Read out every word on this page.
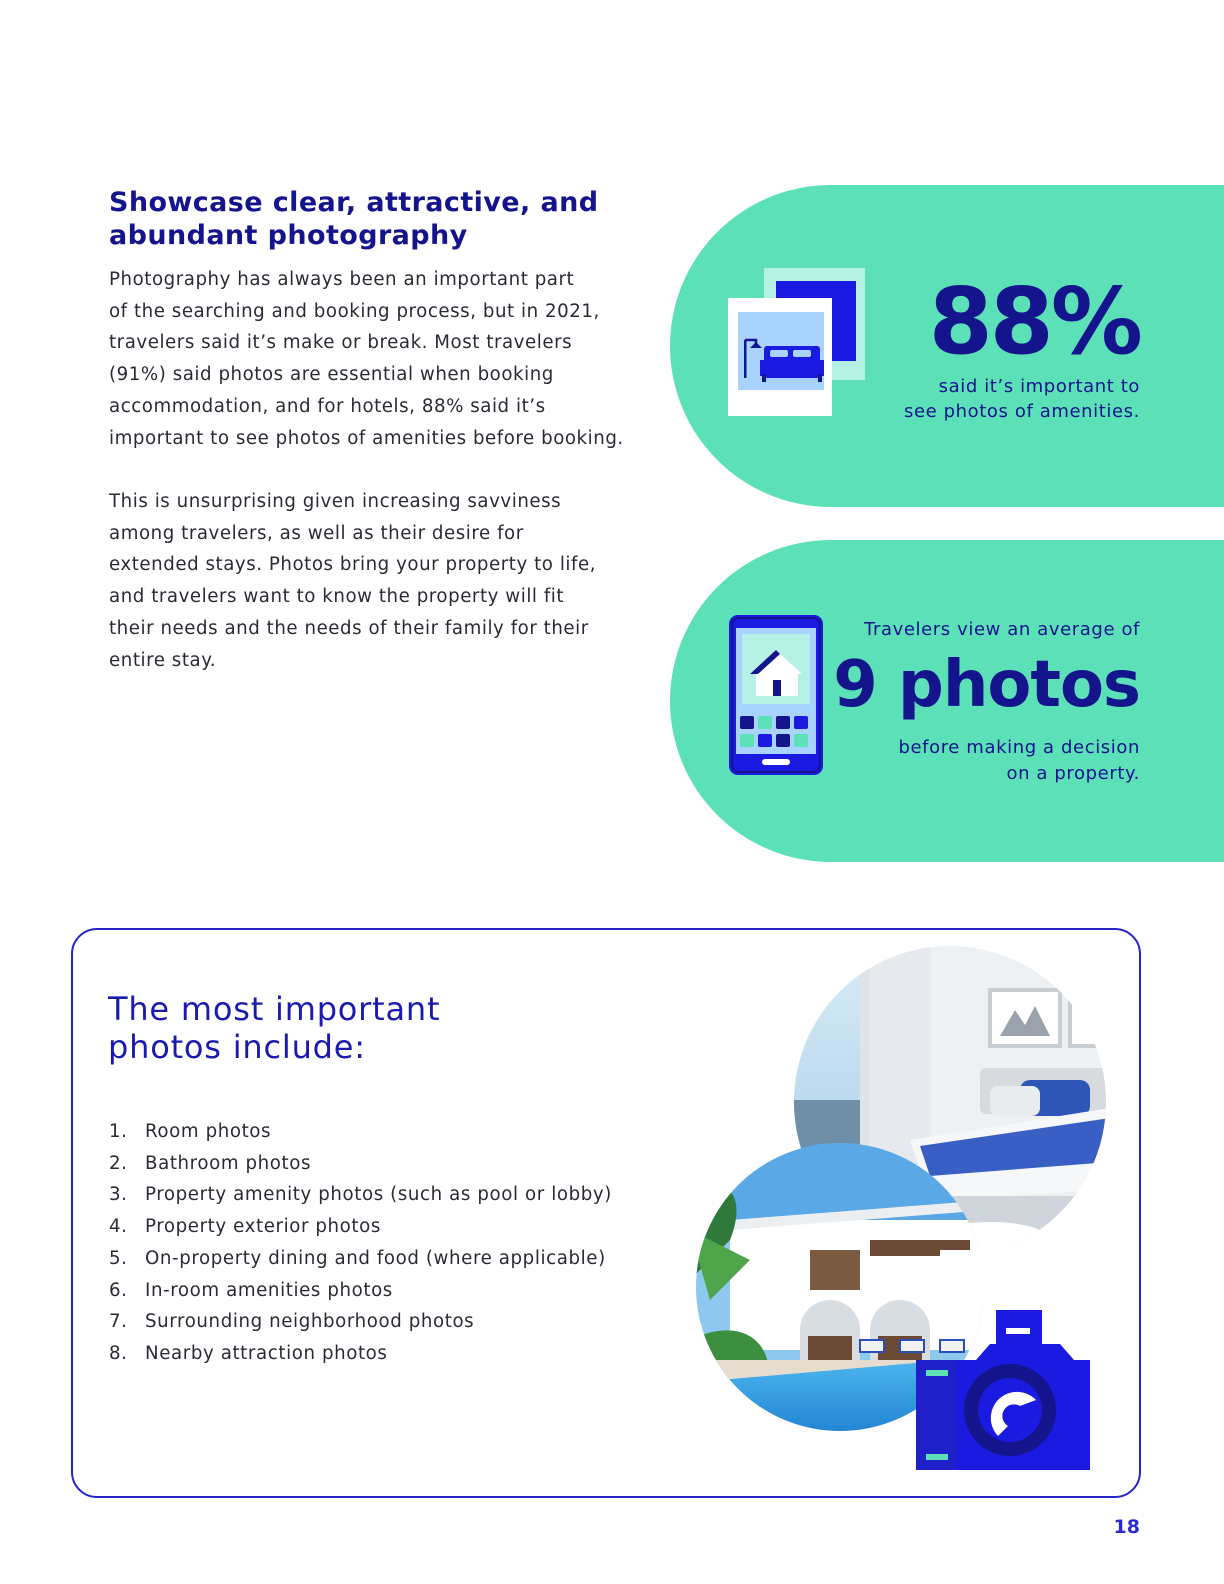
Showcase clear, attractive, and
abundant photography
Photography has always been an important part
of the searching and booking process, but in 2021,
travelers said it’s make or break. Most travelers
(91%) said photos are essential when booking
accommodation, and for hotels, 88% said it’s
important to see photos of amenities before booking.
This is unsurprising given increasing savviness
among travelers, as well as their desire for
extended stays. Photos bring your property to life,
and travelers want to know the property will fit
their needs and the needs of their family for their
entire stay.
88%
said it’s important to
see photos of amenities.
Travelers view an average of
9 photos
before making a decision
on a property.
The most important
photos include:
1. Room photos
2. Bathroom photos
3. Property amenity photos (such as pool or lobby)
4. Property exterior photos
5. On-property dining and food (where applicable)
6. In-room amenities photos
7. Surrounding neighborhood photos
8. Nearby attraction photos
18
